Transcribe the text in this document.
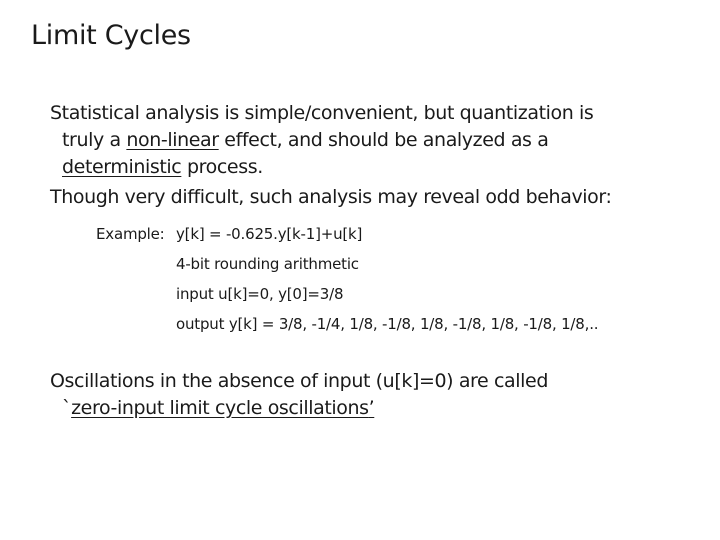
Limit Cycles
Statistical analysis is simple/convenient, but quantization is
truly a non-linear effect, and should be analyzed as a
deterministic process.
Though very difficult, such analysis may reveal odd behavior:
Example: y[k] = -0.625.y[k-1]+u[k]
4-bit rounding arithmetic
input u[k]=0, y[0]=3/8
output y[k] = 3/8, -1/4, 1/8, -1/8, 1/8, -1/8, 1/8, -1/8, 1/8,..
Oscillations in the absence of input (u[k]=0) are called
`zero-input limit cycle oscillations’
